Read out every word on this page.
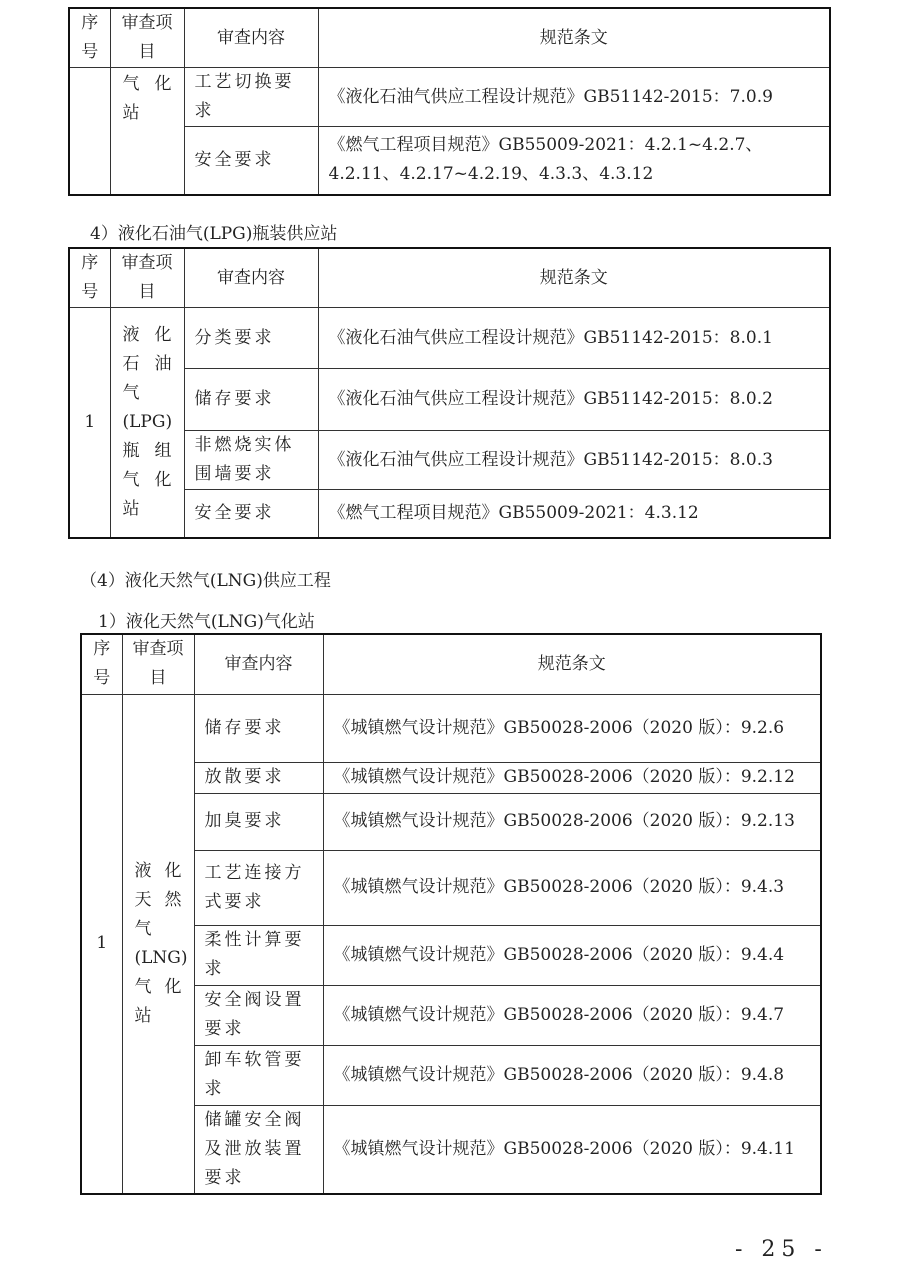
序号	审查项目	审查内容	规范条文
	气 化 站	工艺切换要求	《液化石油气供应工程设计规范》GB51142-2015：7.0.9
		安全要求	《燃气工程项目规范》GB55009-2021：4.2.1~4.2.7、4.2.11、4.2.17~4.2.19、4.3.3、4.3.12
4）液化石油气(LPG)瓶装供应站
序号	审查项目	审查内容	规范条文
1	液 化 石 油 气 (LPG) 瓶 组 气 化 站	分类要求	《液化石油气供应工程设计规范》GB51142-2015：8.0.1
		储存要求	《液化石油气供应工程设计规范》GB51142-2015：8.0.2
		非燃烧实体围墙要求	《液化石油气供应工程设计规范》GB51142-2015：8.0.3
		安全要求	《燃气工程项目规范》GB55009-2021：4.3.12
（4）液化天然气(LNG)供应工程
1）液化天然气(LNG)气化站
序号	审查项目	审查内容	规范条文
1	液 化 天 然 气 (LNG) 气 化 站	储存要求	《城镇燃气设计规范》GB50028-2006（2020 版）：9.2.6
		放散要求	《城镇燃气设计规范》GB50028-2006（2020 版）：9.2.12
		加臭要求	《城镇燃气设计规范》GB50028-2006（2020 版）：9.2.13
		工艺连接方式要求	《城镇燃气设计规范》GB50028-2006（2020 版）：9.4.3
		柔性计算要求	《城镇燃气设计规范》GB50028-2006（2020 版）：9.4.4
		安全阀设置要求	《城镇燃气设计规范》GB50028-2006（2020 版）：9.4.7
		卸车软管要求	《城镇燃气设计规范》GB50028-2006（2020 版）：9.4.8
		储罐安全阀及泄放装置要求	《城镇燃气设计规范》GB50028-2006（2020 版）：9.4.11
- 25 -
